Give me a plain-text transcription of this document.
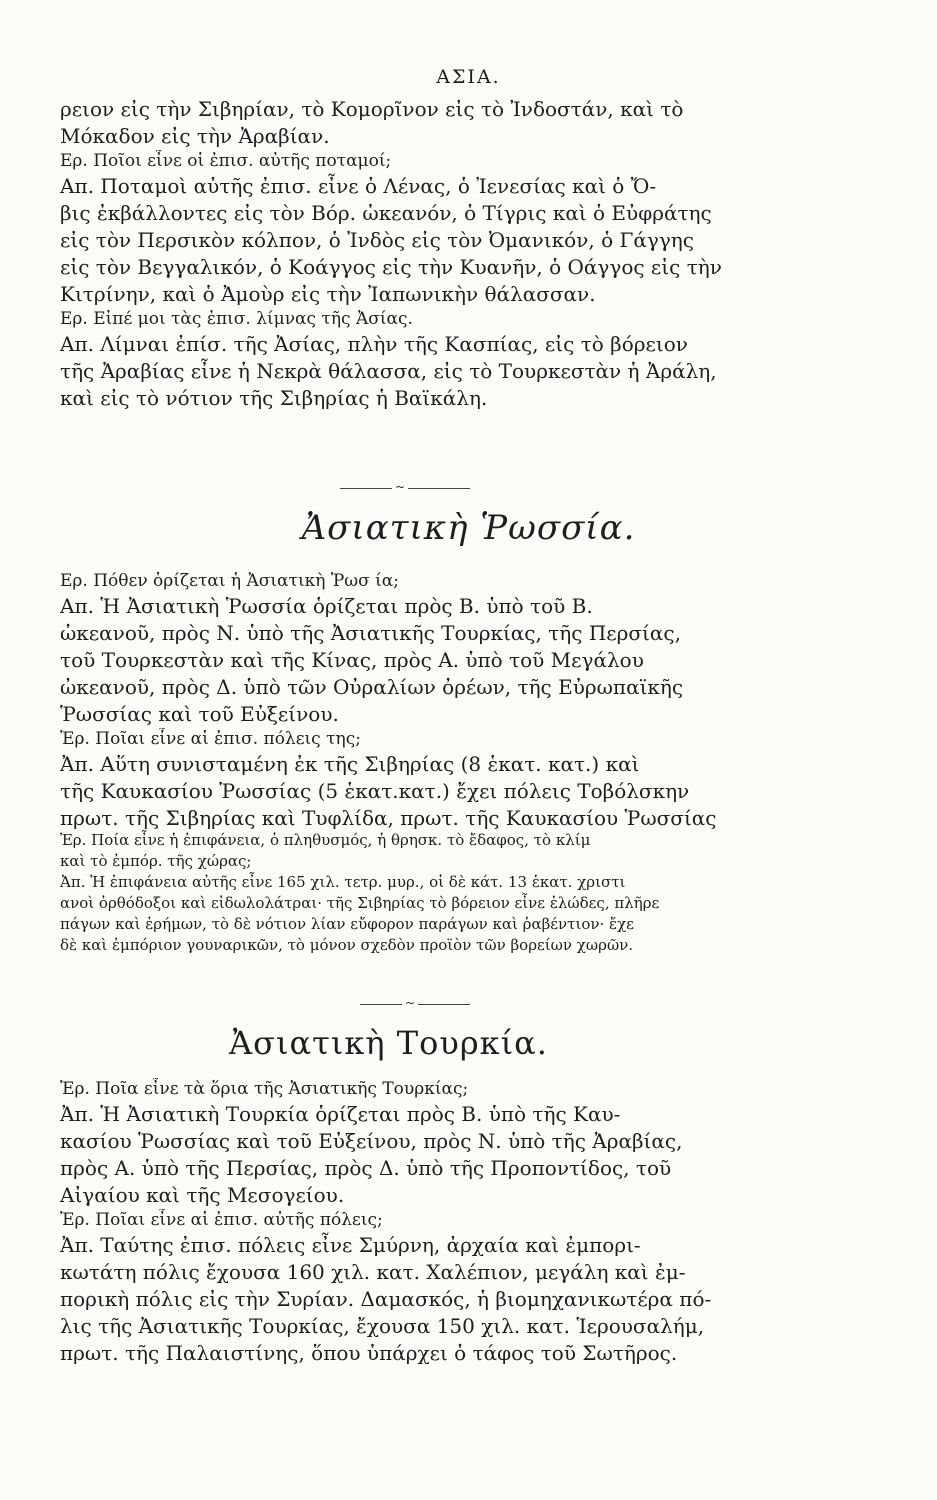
ΑΣΙΑ.
ρειον εἰς τὴν Σιβηρίαν, τὸ Κομορῖνον εἰς τὸ Ἰνδοστάν, καὶ τὸ
Μόκαδον εἰς τὴν Ἀραβίαν.
Ερ. Ποῖοι εἶνε οἱ ἐπισ. αὐτῆς ποταμοί;
Απ. Ποταμοὶ αὐτῆς ἐπισ. εἶνε ὁ Λένας, ὁ Ἰενεσίας καὶ ὁ Ὄ-
βις ἐκβάλλοντες εἰς τὸν Βόρ. ὠκεανόν, ὁ Τίγρις καὶ ὁ Εὐφράτης
εἰς τὸν Περσικὸν κόλπον, ὁ Ἰνδὸς εἰς τὸν Ὀμανικόν, ὁ Γάγγης
εἰς τὸν Βεγγαλικόν, ὁ Κοάγγος εἰς τὴν Κυανῆν, ὁ Οάγγος εἰς τὴν
Κιτρίνην, καὶ ὁ Ἀμοὺρ εἰς τὴν Ἰαπωνικὴν θάλασσαν.
Ερ. Εἰπέ μοι τὰς ἐπισ. λίμνας τῆς Ἀσίας.
Απ. Λίμναι ἐπίσ. τῆς Ἀσίας, πλὴν τῆς Κασπίας, εἰς τὸ βόρειον
τῆς Ἀραβίας εἶνε ἡ Νεκρὰ θάλασσα, εἰς τὸ Τουρκεστὰν ἡ Ἀράλη,
καὶ εἰς τὸ νότιον τῆς Σιβηρίας ἡ Βαϊκάλη.
~
Ἀσιατικὴ Ῥωσσία.
Ερ. Πόθεν ὁρίζεται ἡ Ἀσιατικὴ Ῥωσ ία;
Απ. Ἡ Ἀσιατικὴ Ῥωσσία ὁρίζεται πρὸς Β. ὑπὸ τοῦ Β.
ὠκεανοῦ, πρὸς Ν. ὑπὸ τῆς Ἀσιατικῆς Τουρκίας, τῆς Περσίας,
τοῦ Τουρκεστὰν καὶ τῆς Κίνας, πρὸς Α. ὑπὸ τοῦ Μεγάλου
ὠκεανοῦ, πρὸς Δ. ὑπὸ τῶν Οὐραλίων ὀρέων, τῆς Εὐρωπαϊκῆς
Ῥωσσίας καὶ τοῦ Εὐξείνου.
Ἐρ. Ποῖαι εἶνε αἱ ἐπισ. πόλεις της;
Ἀπ. Αὕτη συνισταμένη ἐκ τῆς Σιβηρίας (8 ἑκατ. κατ.) καὶ
τῆς Καυκασίου Ῥωσσίας (5 ἑκατ.κατ.) ἔχει πόλεις Τοβόλσκην
πρωτ. τῆς Σιβηρίας καὶ Τυφλίδα, πρωτ. τῆς Καυκασίου Ῥωσσίας
Ἐρ. Ποία εἶνε ἡ ἐπιφάνεια, ὁ πληθυσμός, ἡ θρησκ. τὸ ἔδαφος, τὸ κλίμ
καὶ τὸ ἐμπόρ. τῆς χώρας;
Ἀπ. Ἡ ἐπιφάνεια αὐτῆς εἶνε 165 χιλ. τετρ. μυρ., οἱ δὲ κάτ. 13 ἑκατ. χριστι
ανοὶ ὀρθόδοξοι καὶ εἰδωλολάτραι· τῆς Σιβηρίας τὸ βόρειον εἶνε ἑλώδες, πλῆρε
πάγων καὶ ἐρήμων, τὸ δὲ νότιον λίαν εὔφορον παράγων καὶ ῥαβέντιον· ἔχε
δὲ καὶ ἐμπόριον γουναρικῶν, τὸ μόνον σχεδὸν προϊὸν τῶν βορείων χωρῶν.
~
Ἀσιατικὴ Τουρκία.
Ἐρ. Ποῖα εἶνε τὰ ὅρια τῆς Ἀσιατικῆς Τουρκίας;
Ἀπ. Ἡ Ἀσιατικὴ Τουρκία ὁρίζεται πρὸς Β. ὑπὸ τῆς Καυ-
κασίου Ῥωσσίας καὶ τοῦ Εὐξείνου, πρὸς Ν. ὑπὸ τῆς Ἀραβίας,
πρὸς Α. ὑπὸ τῆς Περσίας, πρὸς Δ. ὑπὸ τῆς Προποντίδος, τοῦ
Αἰγαίου καὶ τῆς Μεσογείου.
Ἐρ. Ποῖαι εἶνε αἱ ἐπισ. αὐτῆς πόλεις;
Ἀπ. Ταύτης ἐπισ. πόλεις εἶνε Σμύρνη, ἀρχαία καὶ ἐμπορι-
κωτάτη πόλις ἔχουσα 160 χιλ. κατ. Χαλέπιον, μεγάλη καὶ ἐμ-
πορικὴ πόλις εἰς τὴν Συρίαν. Δαμασκός, ἡ βιομηχανικωτέρα πό-
λις τῆς Ἀσιατικῆς Τουρκίας, ἔχουσα 150 χιλ. κατ. Ἱερουσαλήμ,
πρωτ. τῆς Παλαιστίνης, ὅπου ὑπάρχει ὁ τάφος τοῦ Σωτῆρος.
